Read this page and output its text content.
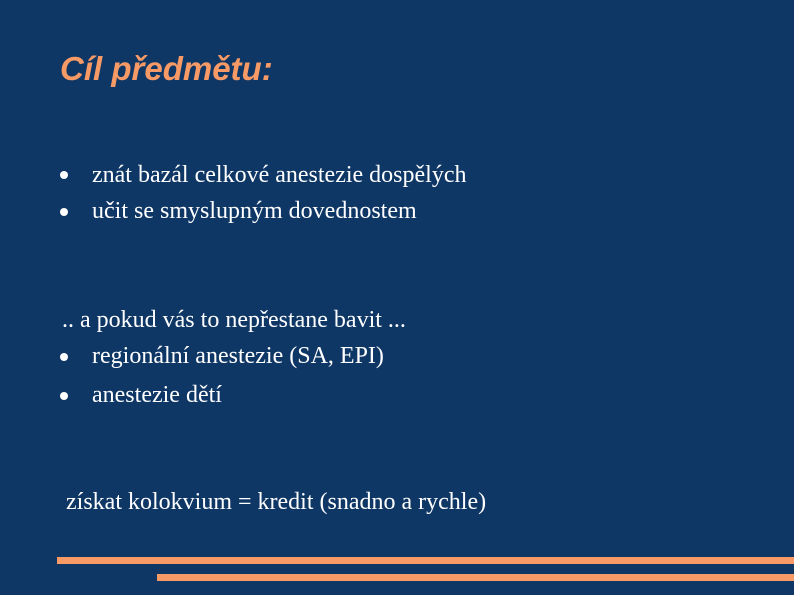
Cíl předmětu:
znát bazál celkové anestezie dospělých
učit se smyslupným dovednostem
.. a pokud vás to nepřestane bavit ...
regionální anestezie (SA, EPI)
anestezie dětí
získat kolokvium = kredit (snadno a rychle)
